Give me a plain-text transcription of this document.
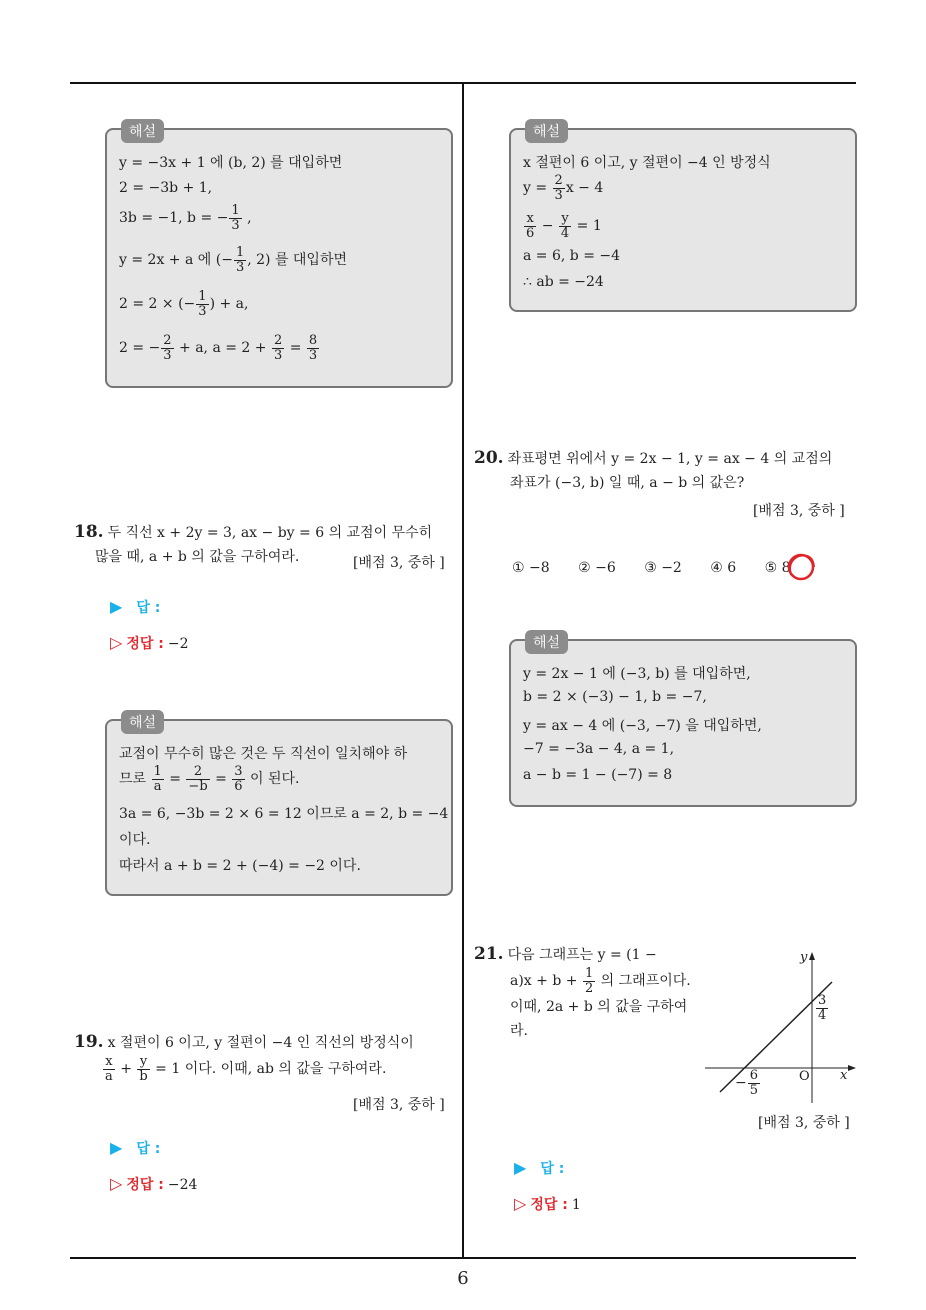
6
해설
y = −3x + 1 에 (b, 2) 를 대입하면
2 = −3b + 1,
3b = −1, b = − $\frac{1}{3}$ ,
y = 2x + a 에 (− $\frac{1}{3}$ , 2) 를 대입하면
2 = 2 × (− $\frac{1}{3}$ ) + a,
2 = − $\frac{2}{3} + a$, $a = 2 + \frac{2}{3} = \frac{8}{3}$
18. 두 직선 x + 2y = 3, ax − by = 6 의 교점이 무수히
많을 때, a + b 의 값을 구하여라.	[배점 3, 중하 ]
▶ 답 :
▷ 정답 : −2
해설
교점이 무수히 많은 것은 두 직선이 일치해야 하
므로 $\frac{1}{a} = \frac{2}{-b} = \frac{3}{6}$ 이 된다.
3a = 6, −3b = 2 × 6 = 12 이므로 a = 2, b = −4
이다.
따라서 a + b = 2 + (−4) = −2 이다.
19. x 절편이 6 이고, y 절편이 −4 인 직선의 방정식이
$\frac{x}{a} + \frac{y}{b} = 1$ 이다. 이때, ab 의 값을 구하여라.
[배점 3, 중하 ]
▶ 답 :
▷ 정답 : −24
해설
x 절편이 6 이고, y 절편이 −4 인 방정식
$y = \frac{2}{3}$ x − 4
$\frac{x}{6} - \frac{y}{4} = 1$
a = 6, b = −4
∴ ab = −24
20. 좌표평면 위에서 y = 2x − 1, y = ax − 4 의 교점의
좌표가 (−3, b) 일 때, a − b 의 값은?
[배점 3, 중하 ]
① −8 ② −6 ③ −2 ④ 6 ⑤ 8
해설
y = 2x − 1 에 (−3, b) 를 대입하면,
b = 2 × (−3) − 1, b = −7,
y = ax − 4 에 (−3, −7) 을 대입하면,
−7 = −3a − 4, a = 1,
a − b = 1 − (−7) = 8
21. 다음 그래프는 y = (1 −
$a)x + b + \frac{1}{2}$ 의 그래프이다.
이때, 2a + b 의 값을 구하여
라.
y
x
O
$\frac{3}{4}$
− $\frac{6}{5}$
[배점 3, 중하 ]
▶ 답 :
▷ 정답 : 1
